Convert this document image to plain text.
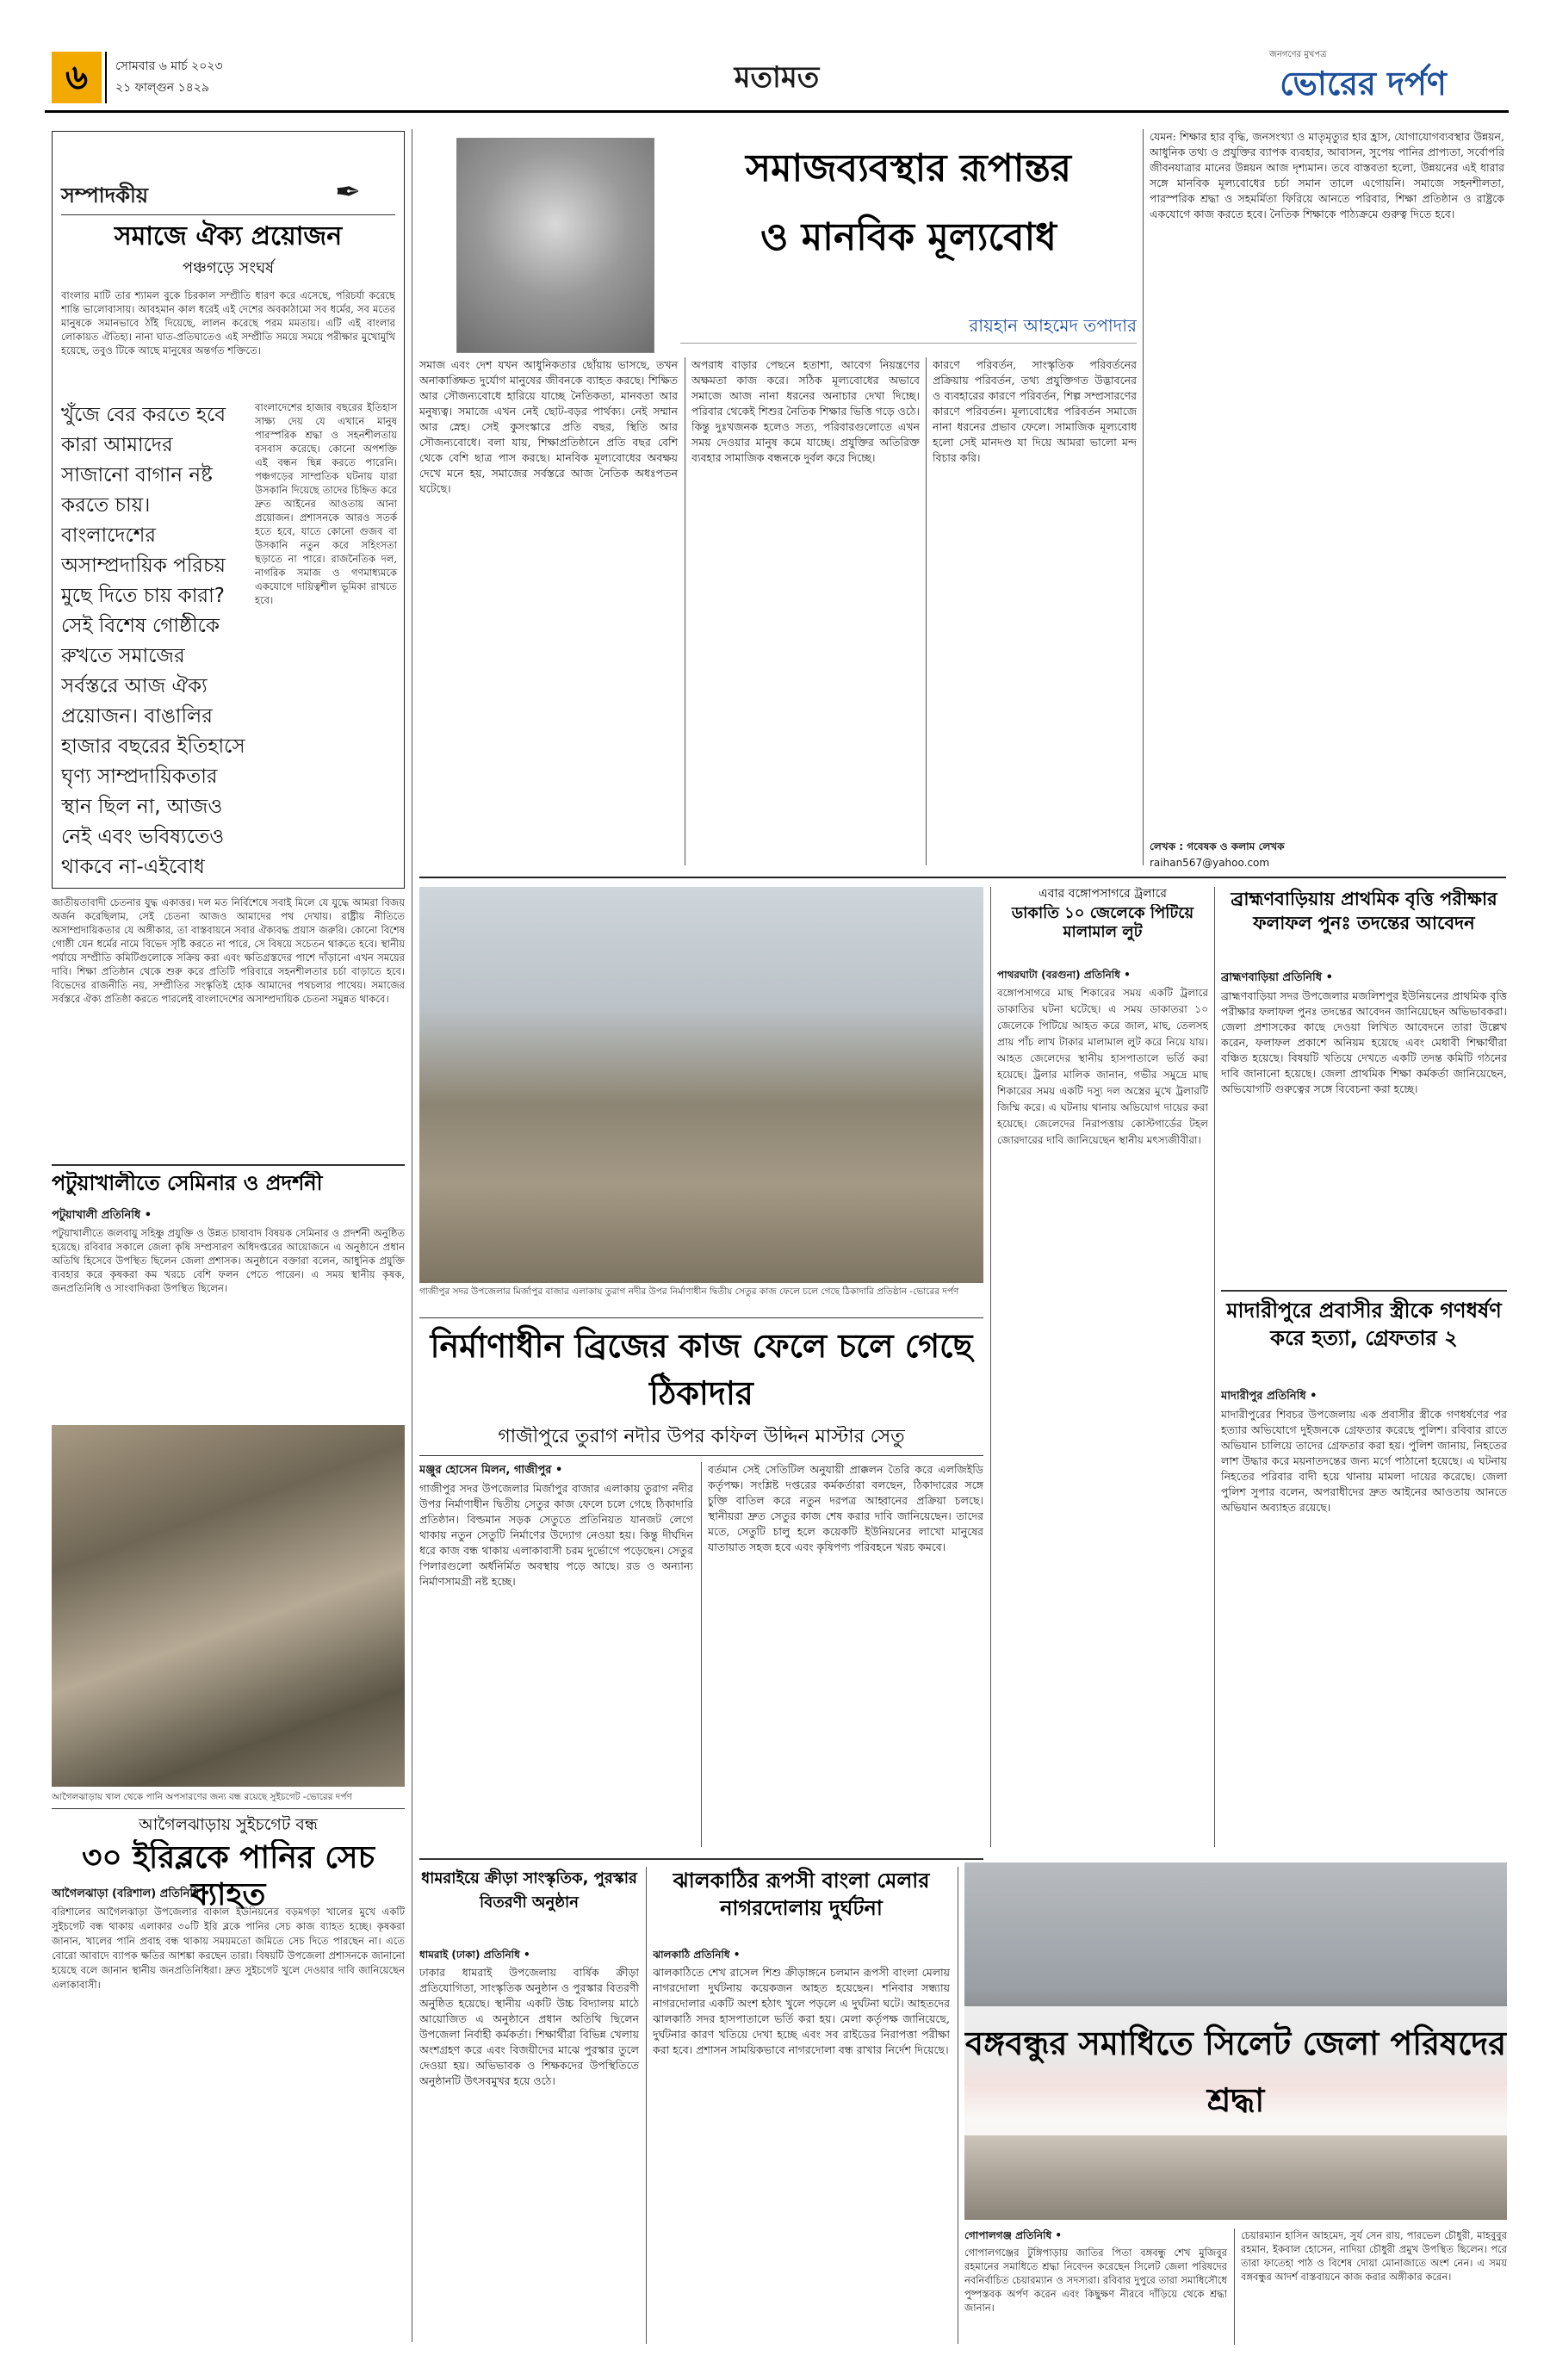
৬	সোমবার ৬ মার্চ ২০২৩
২১ ফাল্গুন ১৪২৯	মতামত
জনগণের মুখপত্র
ভোরের দর্পণ
সম্পাদকীয়	✒
সমাজে ঐক্য প্রয়োজন
পঞ্চগড়ে সংঘর্ষ
বাংলার মাটি তার শ্যামল বুকে চিরকাল সম্প্রীতি ধারণ করে এসেছে, পরিচর্যা করেছে শান্তি ভালোবাসায়। আবহমান কাল ধরেই এই দেশের অবকাঠামো সব ধর্মের, সব মতের মানুষকে সমানভাবে ঠাঁই দিয়েছে, লালন করেছে পরম মমতায়। এটি এই বাংলার লোকায়ত ঐতিহ্য। নানা ঘাত-প্রতিঘাতেও এই সম্প্রীতি সময়ে সময়ে পরীক্ষার মুখোমুখি হয়েছে, তবুও টিকে আছে মানুষের অন্তর্গত শক্তিতে।
খুঁজে বের করতে হবে কারা আমাদের সাজানো বাগান নষ্ট করতে চায়। বাংলাদেশের অসাম্প্রদায়িক পরিচয় মুছে দিতে চায় কারা? সেই বিশেষ গোষ্ঠীকে রুখতে সমাজের সর্বস্তরে আজ ঐক্য প্রয়োজন। বাঙালির হাজার বছরের ইতিহাসে ঘৃণ্য সাম্প্রদায়িকতার স্থান ছিল না, আজও নেই এবং ভবিষ্যতেও থাকবে না-এইবোধ
বাংলাদেশের হাজার বছরের ইতিহাস সাক্ষ্য দেয় যে এখানে মানুষ পারস্পরিক শ্রদ্ধা ও সহনশীলতায় বসবাস করেছে। কোনো অপশক্তি এই বন্ধন ছিন্ন করতে পারেনি। পঞ্চগড়ের সাম্প্রতিক ঘটনায় যারা উসকানি দিয়েছে তাদের চিহ্নিত করে দ্রুত আইনের আওতায় আনা প্রয়োজন। প্রশাসনকে আরও সতর্ক হতে হবে, যাতে কোনো গুজব বা উসকানি নতুন করে সহিংসতা ছড়াতে না পারে। রাজনৈতিক দল, নাগরিক সমাজ ও গণমাধ্যমকে একযোগে দায়িত্বশীল ভূমিকা রাখতে হবে।
জাতীয়তাবাদী চেতনার যুদ্ধ একাত্তর। দল মত নির্বিশেষে সবাই মিলে যে যুদ্ধে আমরা বিজয় অর্জন করেছিলাম, সেই চেতনা আজও আমাদের পথ দেখায়। রাষ্ট্রীয় নীতিতে অসাম্প্রদায়িকতার যে অঙ্গীকার, তা বাস্তবায়নে সবার ঐক্যবদ্ধ প্রয়াস জরুরি। কোনো বিশেষ গোষ্ঠী যেন ধর্মের নামে বিভেদ সৃষ্টি করতে না পারে, সে বিষয়ে সচেতন থাকতে হবে। স্থানীয় পর্যায়ে সম্প্রীতি কমিটিগুলোকে সক্রিয় করা এবং ক্ষতিগ্রস্তদের পাশে দাঁড়ানো এখন সময়ের দাবি। শিক্ষা প্রতিষ্ঠান থেকে শুরু করে প্রতিটি পরিবারে সহনশীলতার চর্চা বাড়াতে হবে। বিভেদের রাজনীতি নয়, সম্প্রীতির সংস্কৃতিই হোক আমাদের পথচলার পাথেয়। সমাজের সর্বস্তরে ঐক্য প্রতিষ্ঠা করতে পারলেই বাংলাদেশের অসাম্প্রদায়িক চেতনা সমুন্নত থাকবে।
সমাজব্যবস্থার রূপান্তর
ও মানবিক মূল্যবোধ
রায়হান আহমেদ তপাদার
সমাজ এবং দেশ যখন আধুনিকতার ছোঁয়ায় ভাসছে, তখন অনাকাঙ্ক্ষিত দুর্যোগ মানুষের জীবনকে ব্যাহত করছে। শিক্ষিত আর সৌজন্যবোধে হারিয়ে যাচ্ছে নৈতিকতা, মানবতা আর মনুষ্যত্ব। সমাজে এখন নেই ছোট-বড়র পার্থক্য। নেই সম্মান আর স্নেহ। সেই কুসংস্কারে প্রতি বছর, স্থিতি আর সৌজন্যবোধে। বলা যায়, শিক্ষাপ্রতিষ্ঠানে প্রতি বছর বেশি থেকে বেশি ছাত্র পাস করছে। মানবিক মূল্যবোধের অবক্ষয় দেখে মনে হয়, সমাজের সর্বস্তরে আজ নৈতিক অধঃপতন ঘটেছে।
অপরাধ বাড়ার পেছনে হতাশা, আবেগ নিয়ন্ত্রণের অক্ষমতা কাজ করে। সঠিক মূল্যবোধের অভাবে সমাজে আজ নানা ধরনের অনাচার দেখা দিচ্ছে। পরিবার থেকেই শিশুর নৈতিক শিক্ষার ভিত্তি গড়ে ওঠে। কিন্তু দুঃখজনক হলেও সত্য, পরিবারগুলোতে এখন সময় দেওয়ার মানুষ কমে যাচ্ছে। প্রযুক্তির অতিরিক্ত ব্যবহার সামাজিক বন্ধনকে দুর্বল করে দিচ্ছে।
কারণে পরিবর্তন, সাংস্কৃতিক পরিবর্তনের প্রক্রিয়ায় পরিবর্তন, তথ্য প্রযুক্তিগত উদ্ভাবনের ও ব্যবহারের কারণে পরিবর্তন, শিল্প সম্প্রসারণের কারণে পরিবর্তন। মূল্যবোধের পরিবর্তন সমাজে নানা ধরনের প্রভাব ফেলে। সামাজিক মূল্যবোধ হলো সেই মানদণ্ড যা দিয়ে আমরা ভালো মন্দ বিচার করি।
যেমন: শিক্ষার হার বৃদ্ধি, জনসংখ্যা ও মাতৃমৃত্যুর হার হ্রাস, যোগাযোগব্যবস্থার উন্নয়ন, আধুনিক তথ্য ও প্রযুক্তির ব্যাপক ব্যবহার, আবাসন, সুপেয় পানির প্রাপ্যতা, সর্বোপরি জীবনযাত্রার মানের উন্নয়ন আজ দৃশ্যমান। তবে বাস্তবতা হলো, উন্নয়নের এই ধারার সঙ্গে মানবিক মূল্যবোধের চর্চা সমান তালে এগোয়নি। সমাজে সহনশীলতা, পারস্পরিক শ্রদ্ধা ও সহমর্মিতা ফিরিয়ে আনতে পরিবার, শিক্ষা প্রতিষ্ঠান ও রাষ্ট্রকে একযোগে কাজ করতে হবে। নৈতিক শিক্ষাকে পাঠ্যক্রমে গুরুত্ব দিতে হবে।
লেখক : গবেষক ও কলাম লেখক
raihan567@yahoo.com
পটুয়াখালীতে সেমিনার ও প্রদর্শনী
পটুয়াখালী প্রতিনিধি •
পটুয়াখালীতে জলবায়ু সহিষ্ণু প্রযুক্তি ও উন্নত চাষাবাদ বিষয়ক সেমিনার ও প্রদর্শনী অনুষ্ঠিত হয়েছে। রবিবার সকালে জেলা কৃষি সম্প্রসারণ অধিদপ্তরের আয়োজনে এ অনুষ্ঠানে প্রধান অতিথি হিসেবে উপস্থিত ছিলেন জেলা প্রশাসক। অনুষ্ঠানে বক্তারা বলেন, আধুনিক প্রযুক্তি ব্যবহার করে কৃষকরা কম খরচে বেশি ফলন পেতে পারেন। এ সময় স্থানীয় কৃষক, জনপ্রতিনিধি ও সাংবাদিকরা উপস্থিত ছিলেন।
আগৈলঝাড়ায় খাল থেকে পানি অপসারণের জন্য বন্ধ রয়েছে সুইচগেট -ভোরের দর্পণ
আগৈলঝাড়ায় সুইচগেট বন্ধ
৩০ ইরিব্লকে পানির সেচ ব্যাহত
আগৈলঝাড়া (বরিশাল) প্রতিনিধি •
বরিশালের আগৈলঝাড়া উপজেলার বাকাল ইউনিয়নের বড়মগড়া খালের মুখে একটি সুইচগেট বন্ধ থাকায় এলাকার ৩০টি ইরি ব্লকে পানির সেচ কাজ ব্যাহত হচ্ছে। কৃষকরা জানান, খালের পানি প্রবাহ বন্ধ থাকায় সময়মতো জমিতে সেচ দিতে পারছেন না। এতে বোরো আবাদে ব্যাপক ক্ষতির আশঙ্কা করছেন তারা। বিষয়টি উপজেলা প্রশাসনকে জানানো হয়েছে বলে জানান স্থানীয় জনপ্রতিনিধিরা। দ্রুত সুইচগেট খুলে দেওয়ার দাবি জানিয়েছেন এলাকাবাসী।
গাজীপুর সদর উপজেলার মির্জাপুর বাজার এলাকায় তুরাগ নদীর উপর নির্মাণাধীন দ্বিতীয় সেতুর কাজ ফেলে চলে গেছে ঠিকাদারি প্রতিষ্ঠান -ভোরের দর্পণ
নির্মাণাধীন ব্রিজের কাজ ফেলে চলে গেছে ঠিকাদার
গাজীপুরে তুরাগ নদীর উপর কফিল উদ্দিন মাস্টার সেতু
মঞ্জুর হোসেন মিলন, গাজীপুর •
গাজীপুর সদর উপজেলার মির্জাপুর বাজার এলাকায় তুরাগ নদীর উপর নির্মাণাধীন দ্বিতীয় সেতুর কাজ ফেলে চলে গেছে ঠিকাদারি প্রতিষ্ঠান। বিল্ডমান সড়ক সেতুতে প্রতিনিয়ত যানজট লেগে থাকায় নতুন সেতুটি নির্মাণের উদ্যোগ নেওয়া হয়। কিন্তু দীর্ঘদিন ধরে কাজ বন্ধ থাকায় এলাকাবাসী চরম দুর্ভোগে পড়েছেন। সেতুর পিলারগুলো অর্ধনির্মিত অবস্থায় পড়ে আছে। রড ও অন্যান্য নির্মাণসামগ্রী নষ্ট হচ্ছে।
বর্তমান সেই সেতিটিল অনুযায়ী প্রাক্কলন তৈরি করে এলজিইডি কর্তৃপক্ষ। সংশ্লিষ্ট দপ্তরের কর্মকর্তারা বলছেন, ঠিকাদারের সঙ্গে চুক্তি বাতিল করে নতুন দরপত্র আহ্বানের প্রক্রিয়া চলছে। স্থানীয়রা দ্রুত সেতুর কাজ শেষ করার দাবি জানিয়েছেন। তাদের মতে, সেতুটি চালু হলে কয়েকটি ইউনিয়নের লাখো মানুষের যাতায়াত সহজ হবে এবং কৃষিপণ্য পরিবহনে খরচ কমবে।
এবার বঙ্গোপসাগরে ট্রলারে
ডাকাতি ১০ জেলেকে পিটিয়ে মালামাল লুট
পাথরঘাটা (বরগুনা) প্রতিনিধি •
বঙ্গোপসাগরে মাছ শিকারের সময় একটি ট্রলারে ডাকাতির ঘটনা ঘটেছে। এ সময় ডাকাতরা ১০ জেলেকে পিটিয়ে আহত করে জাল, মাছ, তেলসহ প্রায় পাঁচ লাখ টাকার মালামাল লুট করে নিয়ে যায়। আহত জেলেদের স্থানীয় হাসপাতালে ভর্তি করা হয়েছে। ট্রলার মালিক জানান, গভীর সমুদ্রে মাছ শিকারের সময় একটি দস্যু দল অস্ত্রের মুখে ট্রলারটি জিম্মি করে। এ ঘটনায় থানায় অভিযোগ দায়ের করা হয়েছে। জেলেদের নিরাপত্তায় কোস্টগার্ডের টহল জোরদারের দাবি জানিয়েছেন স্থানীয় মৎস্যজীবীরা।
ব্রাহ্মণবাড়িয়ায় প্রাথমিক বৃত্তি পরীক্ষার ফলাফল পুনঃ তদন্তের আবেদন
ব্রাহ্মণবাড়িয়া প্রতিনিধি •
ব্রাহ্মণবাড়িয়া সদর উপজেলার মজলিশপুর ইউনিয়নের প্রাথমিক বৃত্তি পরীক্ষার ফলাফল পুনঃ তদন্তের আবেদন জানিয়েছেন অভিভাবকরা। জেলা প্রশাসকের কাছে দেওয়া লিখিত আবেদনে তারা উল্লেখ করেন, ফলাফল প্রকাশে অনিয়ম হয়েছে এবং মেধাবী শিক্ষার্থীরা বঞ্চিত হয়েছে। বিষয়টি খতিয়ে দেখতে একটি তদন্ত কমিটি গঠনের দাবি জানানো হয়েছে। জেলা প্রাথমিক শিক্ষা কর্মকর্তা জানিয়েছেন, অভিযোগটি গুরুত্বের সঙ্গে বিবেচনা করা হচ্ছে।
মাদারীপুরে প্রবাসীর স্ত্রীকে গণধর্ষণ করে হত্যা, গ্রেফতার ২
মাদারীপুর প্রতিনিধি •
মাদারীপুরের শিবচর উপজেলায় এক প্রবাসীর স্ত্রীকে গণধর্ষণের পর হত্যার অভিযোগে দুইজনকে গ্রেফতার করেছে পুলিশ। রবিবার রাতে অভিযান চালিয়ে তাদের গ্রেফতার করা হয়। পুলিশ জানায়, নিহতের লাশ উদ্ধার করে ময়নাতদন্তের জন্য মর্গে পাঠানো হয়েছে। এ ঘটনায় নিহতের পরিবার বাদী হয়ে থানায় মামলা দায়ের করেছে। জেলা পুলিশ সুপার বলেন, অপরাধীদের দ্রুত আইনের আওতায় আনতে অভিযান অব্যাহত রয়েছে।
ধামরাইয়ে ক্রীড়া সাংস্কৃতিক, পুরস্কার বিতরণী অনুষ্ঠান
ধামরাই (ঢাকা) প্রতিনিধি •
ঢাকার ধামরাই উপজেলায় বার্ষিক ক্রীড়া প্রতিযোগিতা, সাংস্কৃতিক অনুষ্ঠান ও পুরস্কার বিতরণী অনুষ্ঠিত হয়েছে। স্থানীয় একটি উচ্চ বিদ্যালয় মাঠে আয়োজিত এ অনুষ্ঠানে প্রধান অতিথি ছিলেন উপজেলা নির্বাহী কর্মকর্তা। শিক্ষার্থীরা বিভিন্ন খেলায় অংশগ্রহণ করে এবং বিজয়ীদের মাঝে পুরস্কার তুলে দেওয়া হয়। অভিভাবক ও শিক্ষকদের উপস্থিতিতে অনুষ্ঠানটি উৎসবমুখর হয়ে ওঠে।
ঝালকাঠির রূপসী বাংলা মেলার নাগরদোলায় দুর্ঘটনা
ঝালকাঠি প্রতিনিধি •
ঝালকাঠিতে শেখ রাসেল শিশু ক্রীড়াঙ্গনে চলমান রূপসী বাংলা মেলায় নাগরদোলা দুর্ঘটনায় কয়েকজন আহত হয়েছেন। শনিবার সন্ধ্যায় নাগরদোলার একটি অংশ হঠাৎ খুলে পড়লে এ দুর্ঘটনা ঘটে। আহতদের ঝালকাঠি সদর হাসপাতালে ভর্তি করা হয়। মেলা কর্তৃপক্ষ জানিয়েছে, দুর্ঘটনার কারণ খতিয়ে দেখা হচ্ছে এবং সব রাইডের নিরাপত্তা পরীক্ষা করা হবে। প্রশাসন সাময়িকভাবে নাগরদোলা বন্ধ রাখার নির্দেশ দিয়েছে। বঙ্গবন্ধুর সমাধিতে সিলেট জেলা পরিষদের শ্রদ্ধা
গোপালগঞ্জ প্রতিনিধি •
গোপালগঞ্জের টুঙ্গিপাড়ায় জাতির পিতা বঙ্গবন্ধু শেখ মুজিবুর রহমানের সমাধিতে শ্রদ্ধা নিবেদন করেছেন সিলেট জেলা পরিষদের নবনির্বাচিত চেয়ারম্যান ও সদস্যরা। রবিবার দুপুরে তারা সমাধিসৌধে পুষ্পস্তবক অর্পণ করেন এবং কিছুক্ষণ নীরবে দাঁড়িয়ে থেকে শ্রদ্ধা জানান।
চেয়ারম্যান হাসিন আহমেদ, সুর্য সেন রায়, পারভেল চৌধুরী, মাহবুবুর রহমান, ইকবাল হোসেন, নাদিয়া চৌধুরী প্রমুখ উপস্থিত ছিলেন। পরে তারা ফাতেহা পাঠ ও বিশেষ দোয়া মোনাজাতে অংশ নেন। এ সময় বঙ্গবন্ধুর আদর্শ বাস্তবায়নে কাজ করার অঙ্গীকার করেন।
